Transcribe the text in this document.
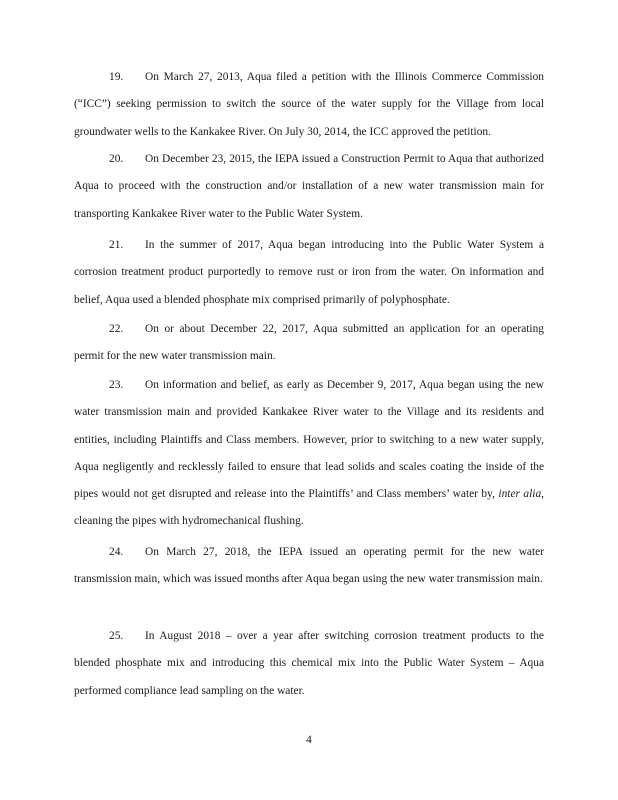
19. On March 27, 2013, Aqua filed a petition with the Illinois Commerce Commission (“ICC”) seeking permission to switch the source of the water supply for the Village from local groundwater wells to the Kankakee River. On July 30, 2014, the ICC approved the petition.

20. On December 23, 2015, the IEPA issued a Construction Permit to Aqua that authorized Aqua to proceed with the construction and/or installation of a new water transmission main for transporting Kankakee River water to the Public Water System.

21. In the summer of 2017, Aqua began introducing into the Public Water System a corrosion treatment product purportedly to remove rust or iron from the water. On information and belief, Aqua used a blended phosphate mix comprised primarily of polyphosphate.

22. On or about December 22, 2017, Aqua submitted an application for an operating permit for the new water transmission main.

23. On information and belief, as early as December 9, 2017, Aqua began using the new water transmission main and provided Kankakee River water to the Village and its residents and entities, including Plaintiffs and Class members. However, prior to switching to a new water supply, Aqua negligently and recklessly failed to ensure that lead solids and scales coating the inside of the pipes would not get disrupted and release into the Plaintiffs’ and Class members’ water by, inter alia, cleaning the pipes with hydromechanical flushing.

24. On March 27, 2018, the IEPA issued an operating permit for the new water transmission main, which was issued months after Aqua began using the new water transmission main.

25. In August 2018 – over a year after switching corrosion treatment products to the blended phosphate mix and introducing this chemical mix into the Public Water System – Aqua performed compliance lead sampling on the water.

4
